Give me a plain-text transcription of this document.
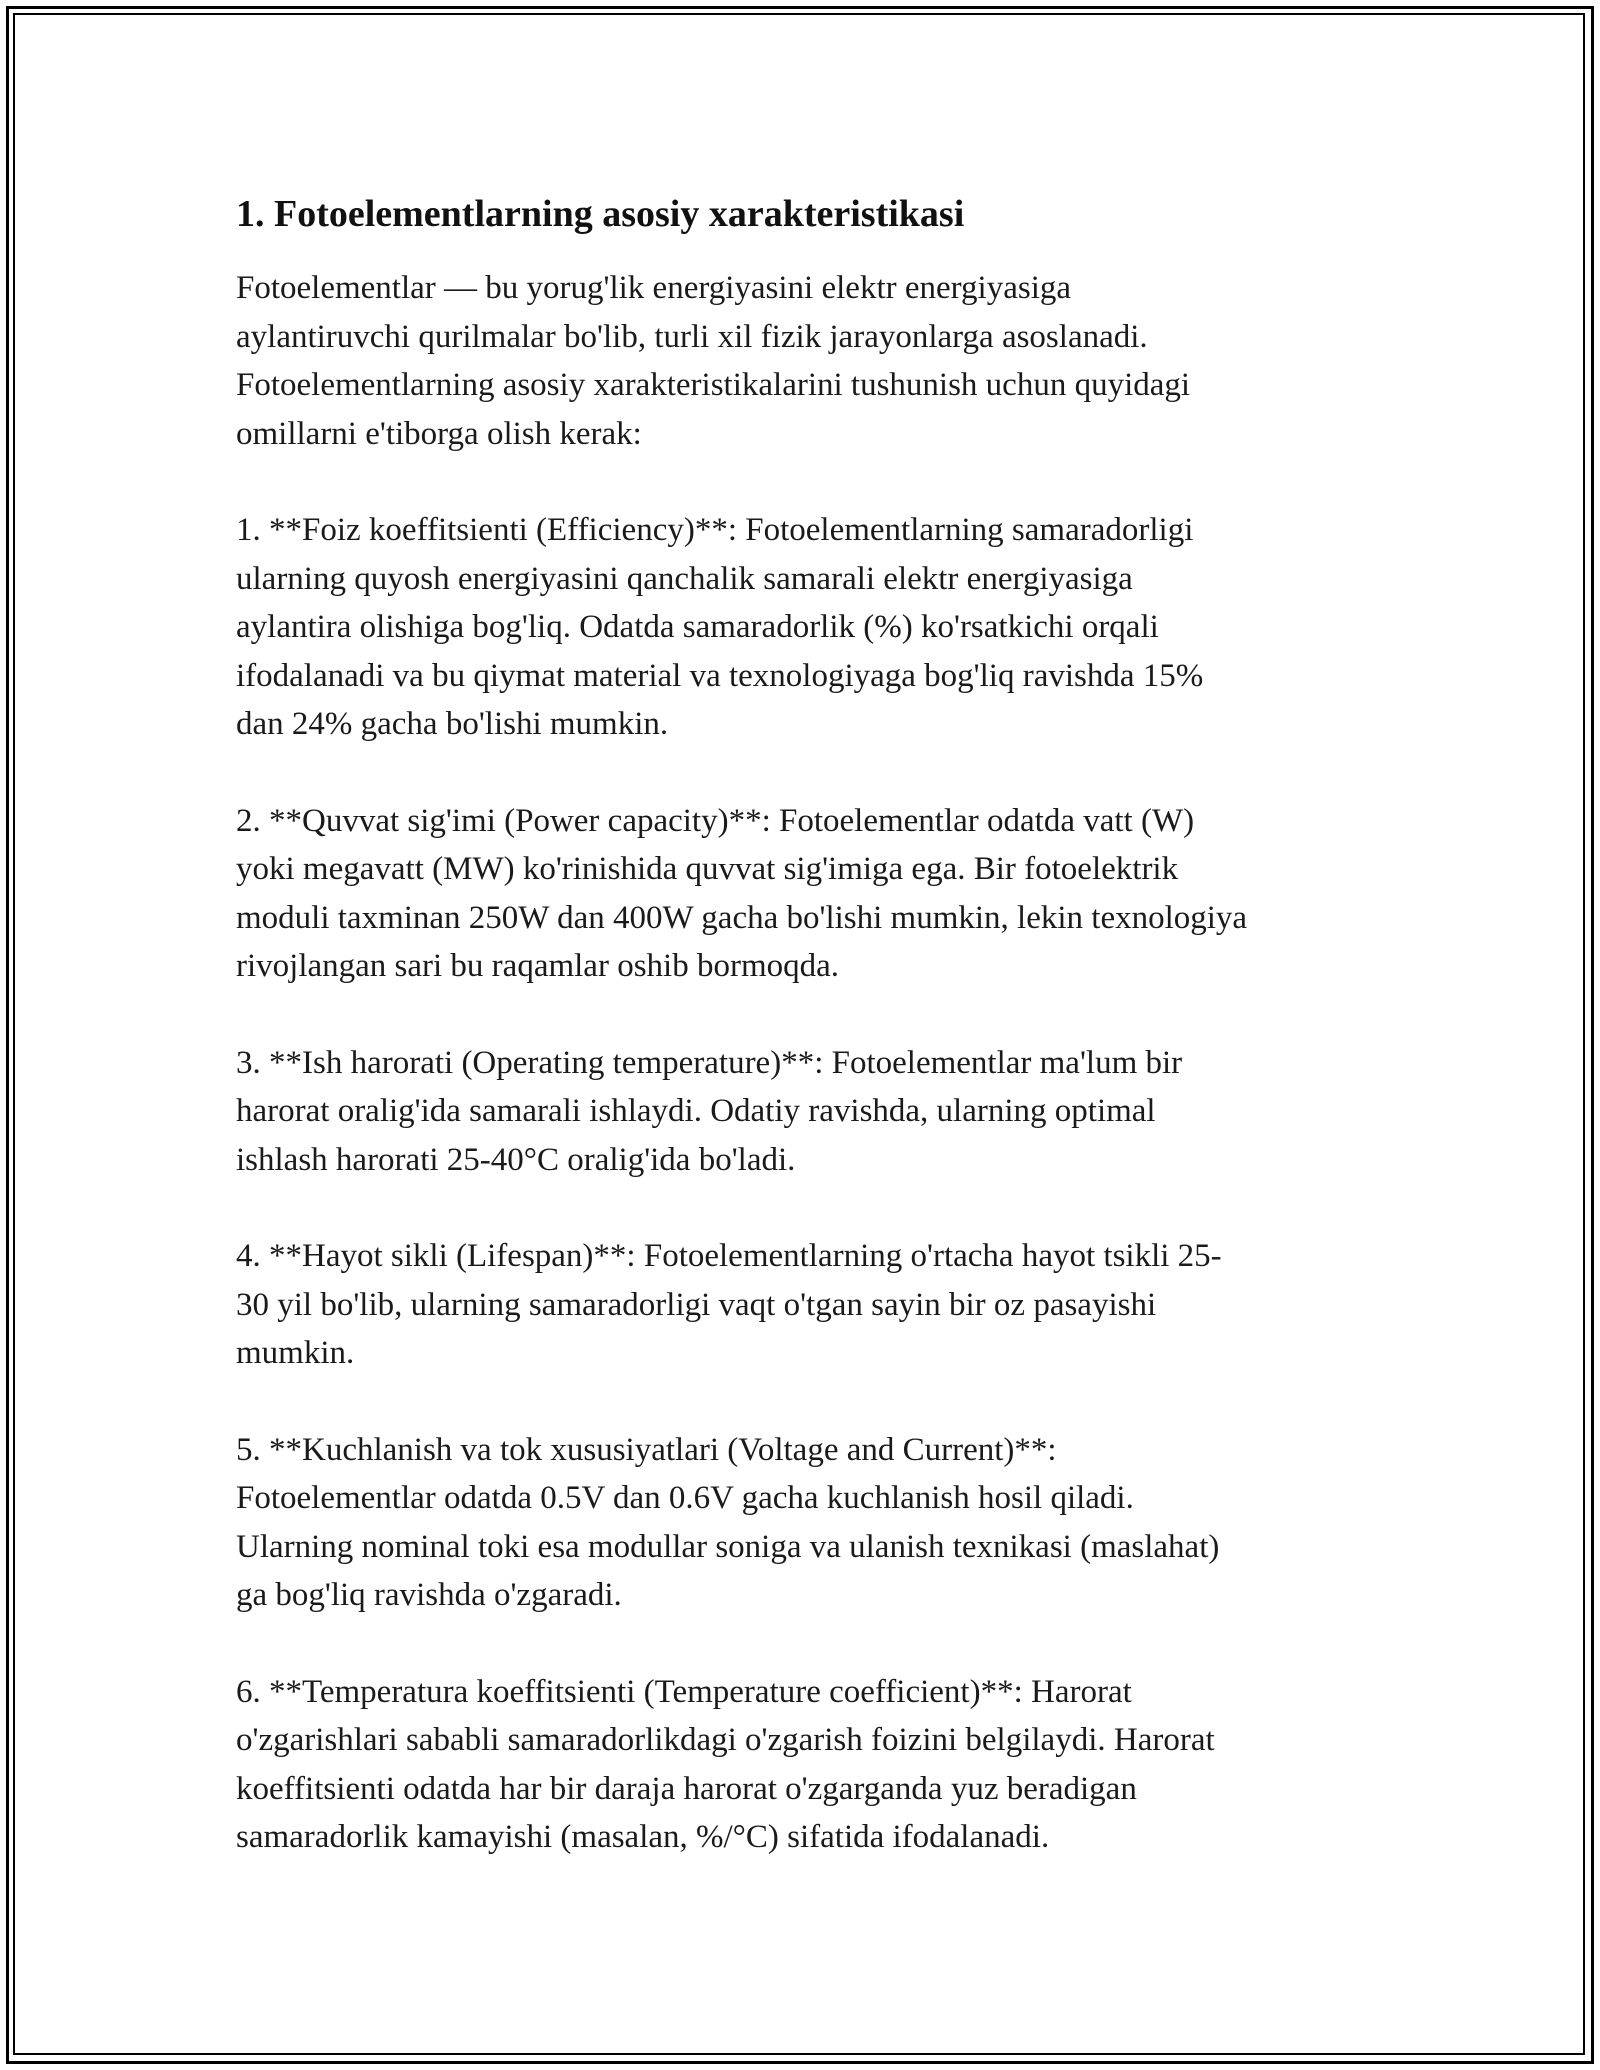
1. Fotoelementlarning asosiy xarakteristikasi

Fotoelementlar — bu yorug'lik energiyasini elektr energiyasiga
aylantiruvchi qurilmalar bo'lib, turli xil fizik jarayonlarga asoslanadi.
Fotoelementlarning asosiy xarakteristikalarini tushunish uchun quyidagi
omillarni e'tiborga olish kerak:

1. **Foiz koeffitsienti (Efficiency)**: Fotoelementlarning samaradorligi
ularning quyosh energiyasini qanchalik samarali elektr energiyasiga
aylantira olishiga bog'liq. Odatda samaradorlik (%) ko'rsatkichi orqali
ifodalanadi va bu qiymat material va texnologiyaga bog'liq ravishda 15%
dan 24% gacha bo'lishi mumkin.

2. **Quvvat sig'imi (Power capacity)**: Fotoelementlar odatda vatt (W)
yoki megavatt (MW) ko'rinishida quvvat sig'imiga ega. Bir fotoelektrik
moduli taxminan 250W dan 400W gacha bo'lishi mumkin, lekin texnologiya
rivojlangan sari bu raqamlar oshib bormoqda.

3. **Ish harorati (Operating temperature)**: Fotoelementlar ma'lum bir
harorat oralig'ida samarali ishlaydi. Odatiy ravishda, ularning optimal
ishlash harorati 25-40°C oralig'ida bo'ladi.

4. **Hayot sikli (Lifespan)**: Fotoelementlarning o'rtacha hayot tsikli 25-
30 yil bo'lib, ularning samaradorligi vaqt o'tgan sayin bir oz pasayishi
mumkin.

5. **Kuchlanish va tok xususiyatlari (Voltage and Current)**:
Fotoelementlar odatda 0.5V dan 0.6V gacha kuchlanish hosil qiladi.
Ularning nominal toki esa modullar soniga va ulanish texnikasi (maslahat)
ga bog'liq ravishda o'zgaradi.

6. **Temperatura koeffitsienti (Temperature coefficient)**: Harorat
o'zgarishlari sababli samaradorlikdagi o'zgarish foizini belgilaydi. Harorat
koeffitsienti odatda har bir daraja harorat o'zgarganda yuz beradigan
samaradorlik kamayishi (masalan, %/°C) sifatida ifodalanadi.
